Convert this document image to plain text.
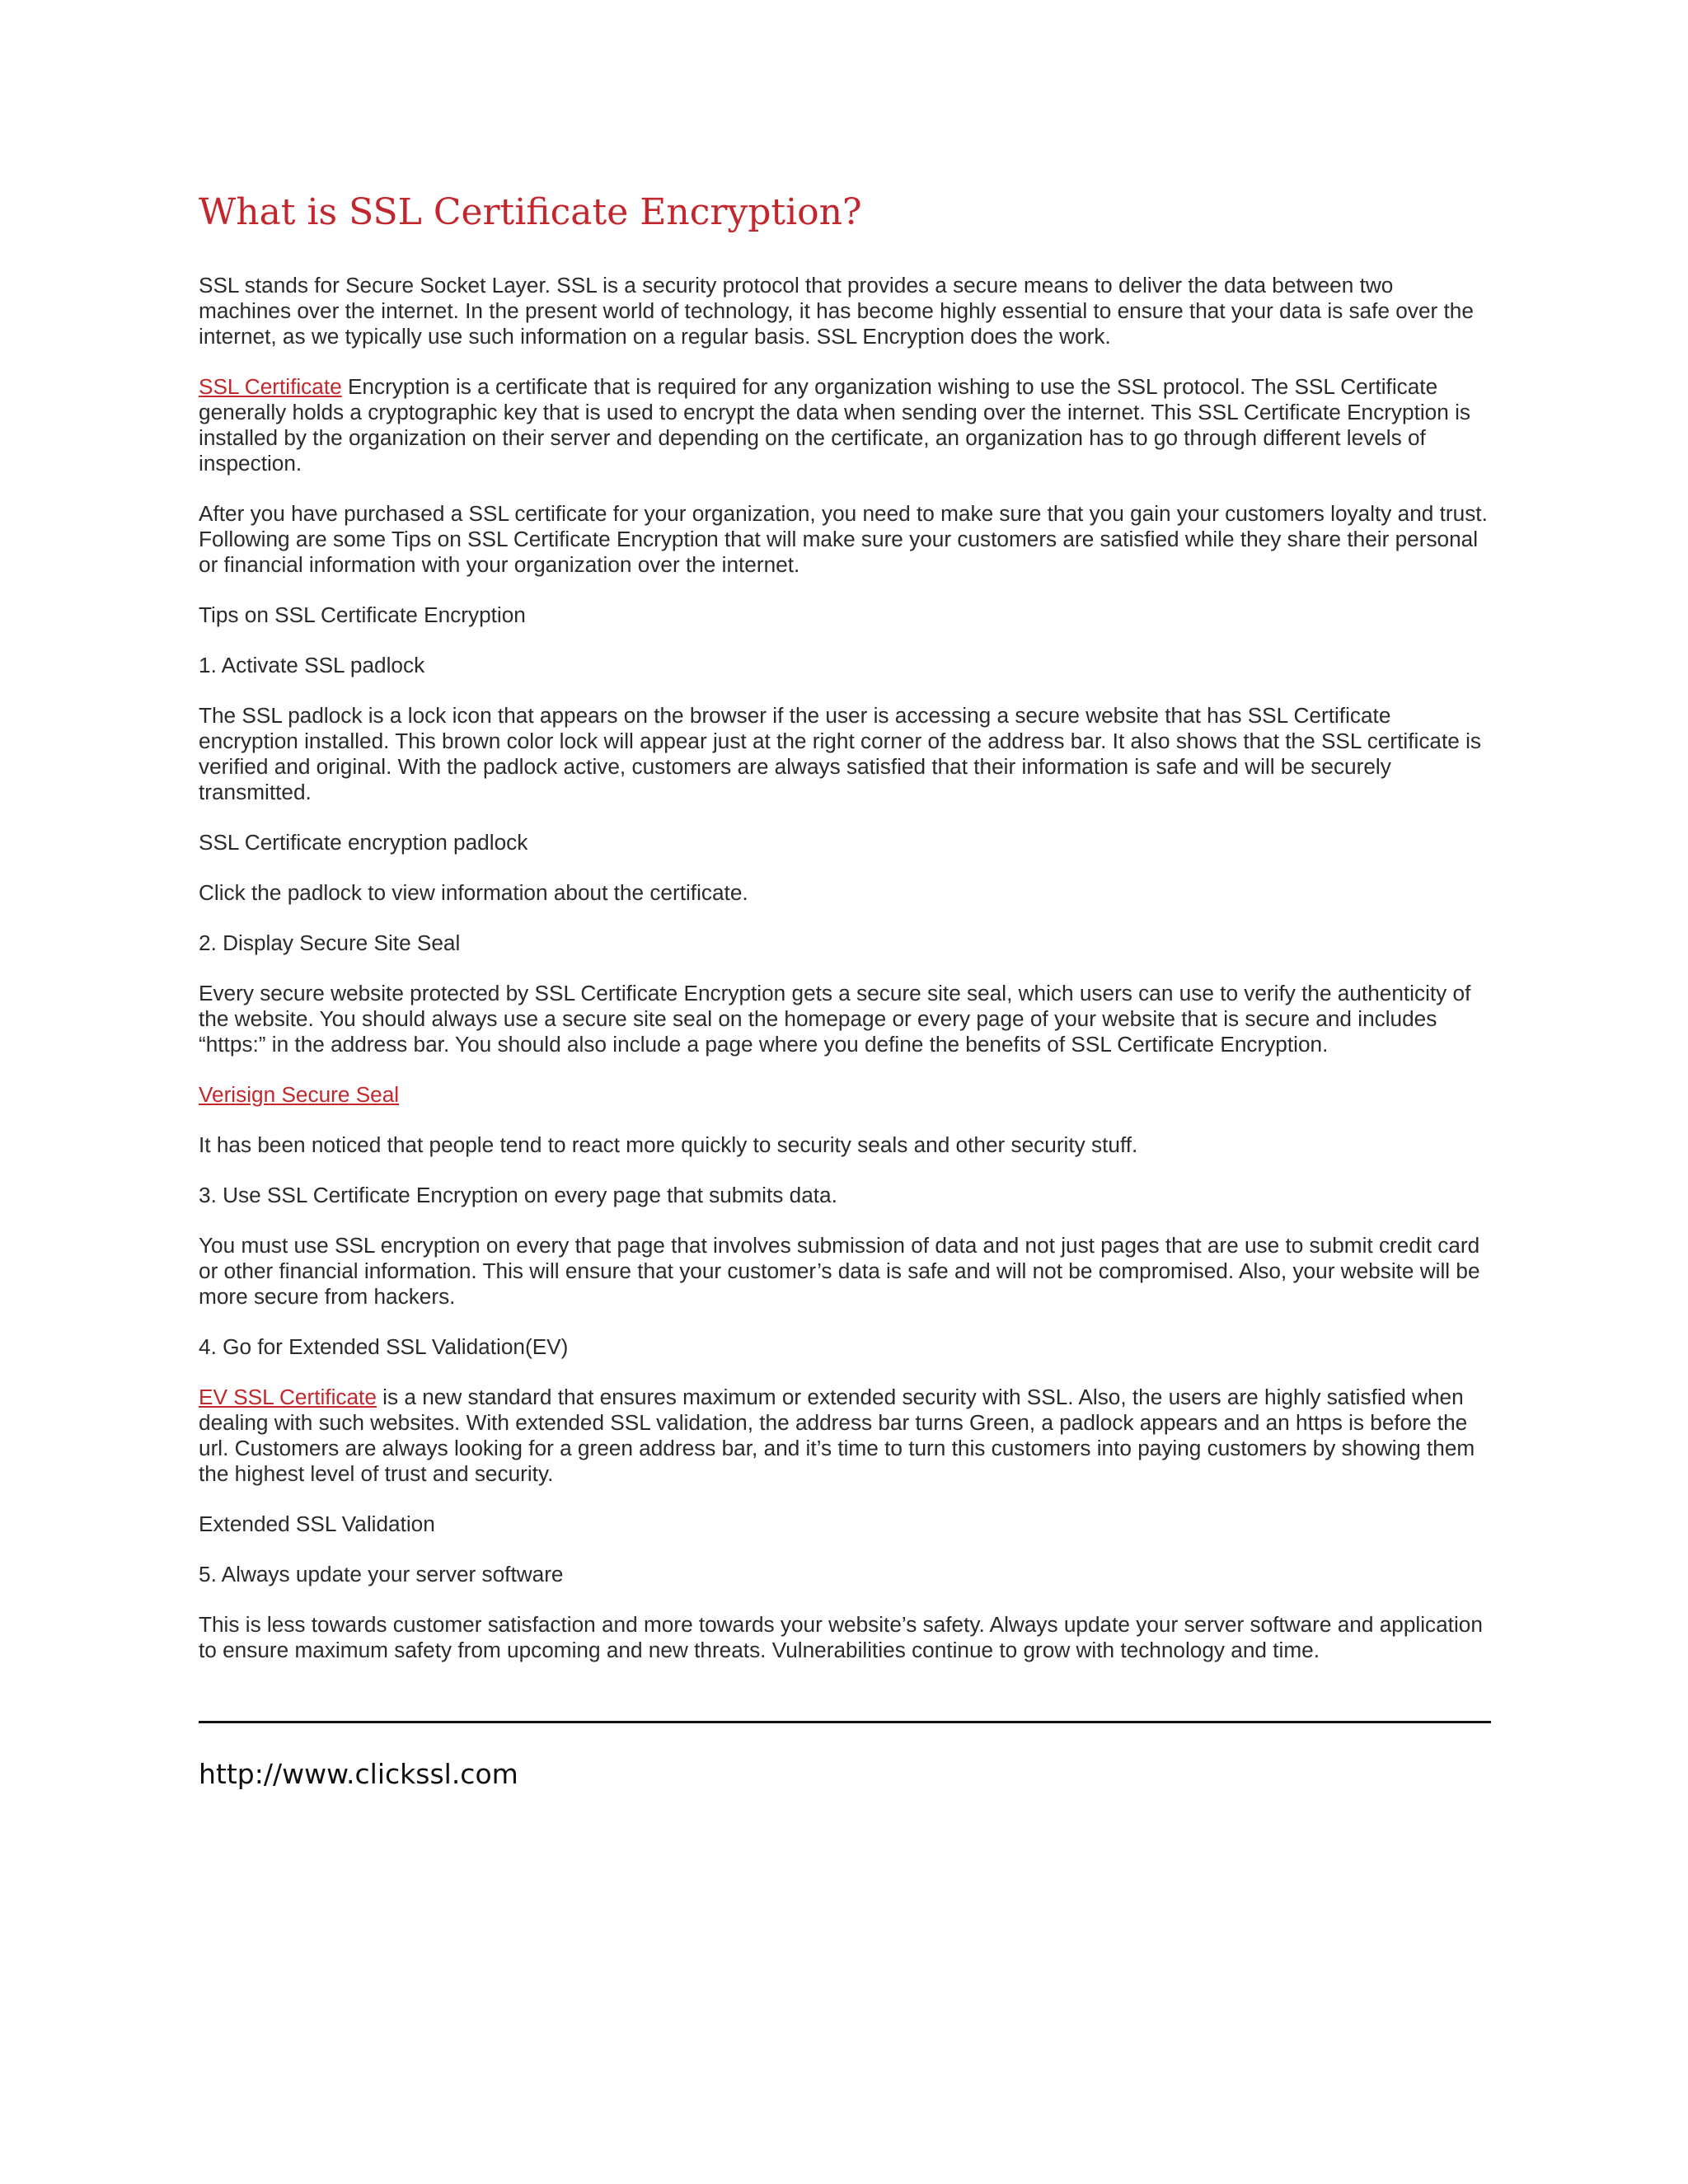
What is SSL Certificate Encryption?

SSL stands for Secure Socket Layer. SSL is a security protocol that provides a secure means to deliver the data between two machines over the internet. In the present world of technology, it has become highly essential to ensure that your data is safe over the internet, as we typically use such information on a regular basis. SSL Encryption does the work.

SSL Certificate Encryption is a certificate that is required for any organization wishing to use the SSL protocol. The SSL Certificate generally holds a cryptographic key that is used to encrypt the data when sending over the internet. This SSL Certificate Encryption is installed by the organization on their server and depending on the certificate, an organization has to go through different levels of inspection.

After you have purchased a SSL certificate for your organization, you need to make sure that you gain your customers loyalty and trust. Following are some Tips on SSL Certificate Encryption that will make sure your customers are satisfied while they share their personal or financial information with your organization over the internet.

Tips on SSL Certificate Encryption

1. Activate SSL padlock

The SSL padlock is a lock icon that appears on the browser if the user is accessing a secure website that has SSL Certificate encryption installed. This brown color lock will appear just at the right corner of the address bar. It also shows that the SSL certificate is verified and original. With the padlock active, customers are always satisfied that their information is safe and will be securely transmitted.

SSL Certificate encryption padlock

Click the padlock to view information about the certificate.

2. Display Secure Site Seal

Every secure website protected by SSL Certificate Encryption gets a secure site seal, which users can use to verify the authenticity of the website. You should always use a secure site seal on the homepage or every page of your website that is secure and includes “https:” in the address bar. You should also include a page where you define the benefits of SSL Certificate Encryption.

Verisign Secure Seal

It has been noticed that people tend to react more quickly to security seals and other security stuff.

3. Use SSL Certificate Encryption on every page that submits data.

You must use SSL encryption on every that page that involves submission of data and not just pages that are use to submit credit card or other financial information. This will ensure that your customer’s data is safe and will not be compromised. Also, your website will be more secure from hackers.

4. Go for Extended SSL Validation(EV)

EV SSL Certificate is a new standard that ensures maximum or extended security with SSL. Also, the users are highly satisfied when dealing with such websites. With extended SSL validation, the address bar turns Green, a padlock appears and an https is before the url. Customers are always looking for a green address bar, and it’s time to turn this customers into paying customers by showing them the highest level of trust and security.

Extended SSL Validation

5. Always update your server software

This is less towards customer satisfaction and more towards your website’s safety. Always update your server software and application to ensure maximum safety from upcoming and new threats. Vulnerabilities continue to grow with technology and time.

http://www.clickssl.com
